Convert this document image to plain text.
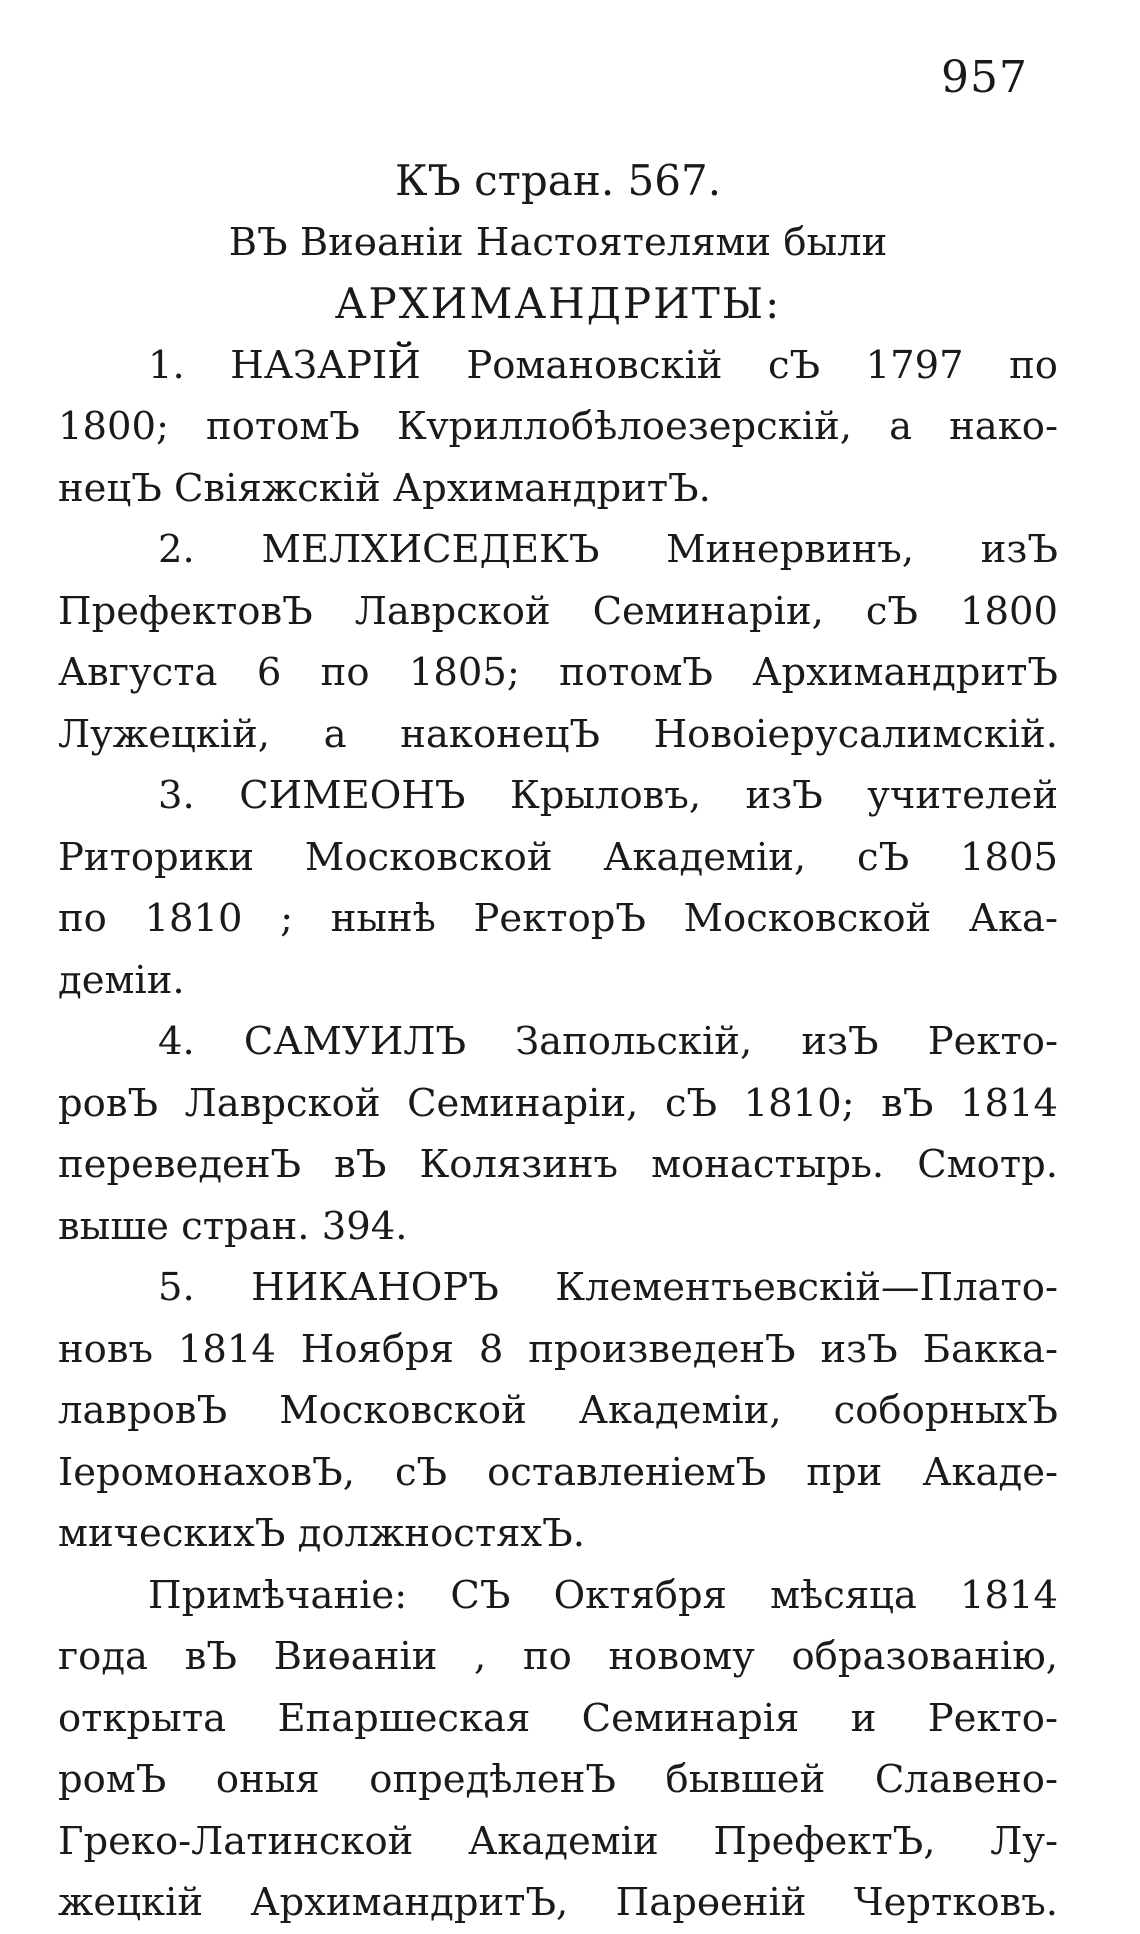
957
КЪ стран. 567.
ВЪ Виөаніи Настоятелями были
АРХИМАНДРИТЫ:
1. НАЗАРІЙ Романовскій сЪ 1797 по
1800; потомЪ Кvриллобѣлоезерскій, а нако-
нецЪ Свіяжскій АрхимандритЪ.
2. МЕЛХИСЕДЕКЪ Минервинъ, изЪ
ПрефектовЪ Лаврской Семинаріи, сЪ 1800
Августа 6 по 1805; потомЪ АрхимандритЪ
Лужецкій, а наконецЪ Новоіерусалимскій.
3. СИМЕОНЪ Крыловъ, изЪ учителей
Риторики Московской Академіи, сЪ 1805
по 1810 ; нынѣ РекторЪ Московской Ака-
деміи.
4. САМУИЛЪ Запольскій, изЪ Ректо-
ровЪ Лаврской Семинаріи, сЪ 1810; вЪ 1814
переведенЪ вЪ Колязинъ монастырь. Смотр.
выше стран. 394.
5. НИКАНОРЪ Клементьевскій—Плато-
новъ 1814 Ноября 8 произведенЪ изЪ Бакка-
лавровЪ Московской Академіи, соборныхЪ
ІеромонаховЪ, сЪ оставленіемЪ при Акаде-
мическихЪ должностяхЪ.
Примѣчаніе: СЪ Октября мѣсяца 1814
года вЪ Виөаніи , по новому образованію,
открыта Епаршеская Семинарія и Ректо-
ромЪ оныя опредѣленЪ бывшей Славено-
Греко-Латинской Академіи ПрефектЪ, Лу-
жецкій АрхимандритЪ, Парөеній Чертковъ.
